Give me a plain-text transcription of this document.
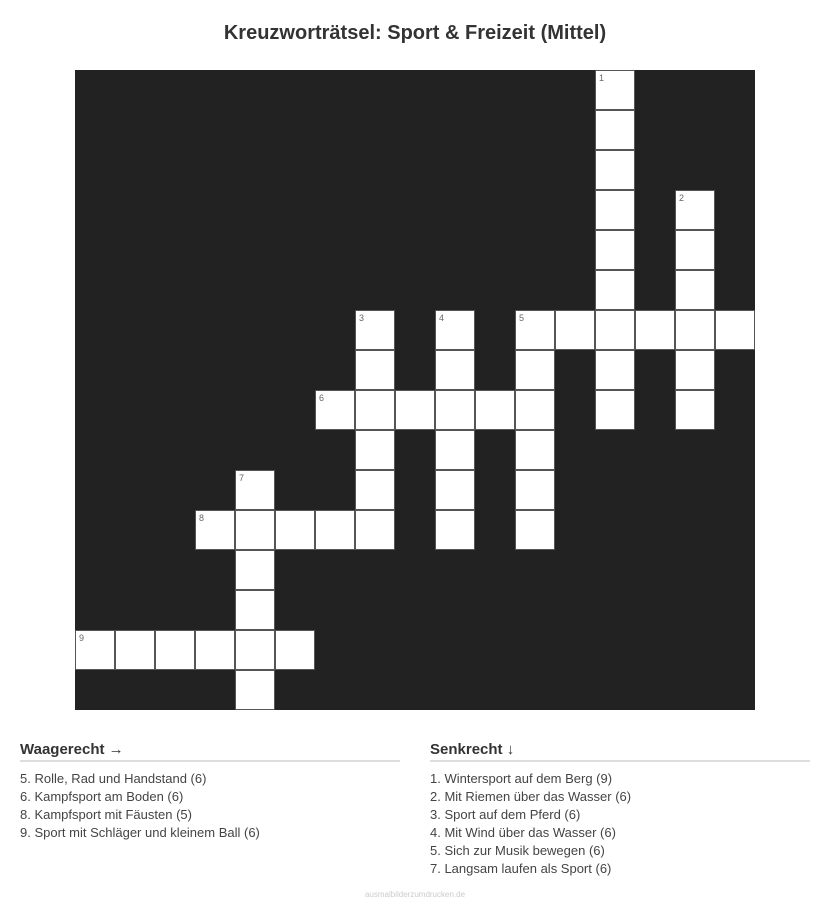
Kreuzworträtsel: Sport & Freizeit (Mittel)
1
2
3	4	5
6
7
8
9
Waagerecht →
5. Rolle, Rad und Handstand (6)
6. Kampfsport am Boden (6)
8. Kampfsport mit Fäusten (5)
9. Sport mit Schläger und kleinem Ball (6)
Senkrecht ↓
1. Wintersport auf dem Berg (9)
2. Mit Riemen über das Wasser (6)
3. Sport auf dem Pferd (6)
4. Mit Wind über das Wasser (6)
5. Sich zur Musik bewegen (6)
7. Langsam laufen als Sport (6)
ausmalbilderzumdrucken.de
